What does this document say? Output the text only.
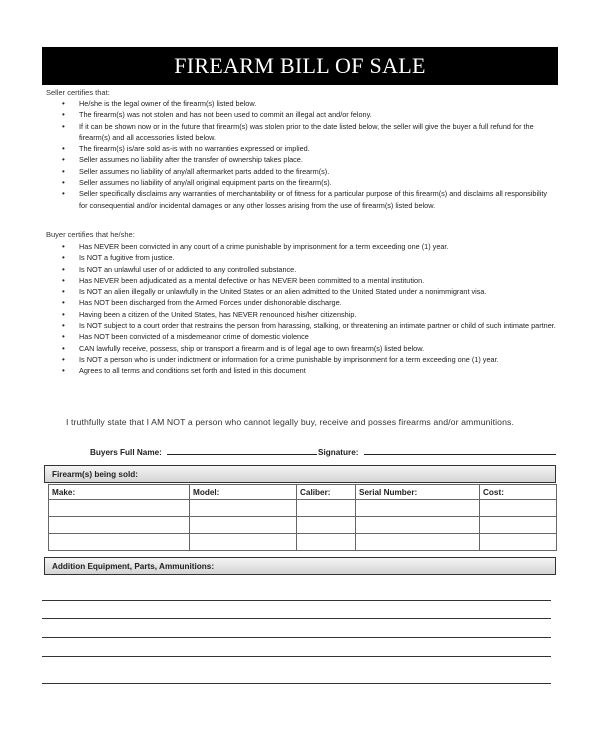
FIREARM BILL OF SALE
Seller certifies that:
• He/she is the legal owner of the firearm(s) listed below.
• The firearm(s) was not stolen and has not been used to commit an illegal act and/or felony.
• If it can be shown now or in the future that firearm(s) was stolen prior to the date listed below, the seller will give the buyer a full refund for the firearm(s) and all accessories listed below.
• The firearm(s) is/are sold as-is with no warranties expressed or implied.
• Seller assumes no liability after the transfer of ownership takes place.
• Seller assumes no liability of any/all aftermarket parts added to the firearm(s).
• Seller assumes no liability of any/all original equipment parts on the firearm(s).
• Seller specifically disclaims any warranties of merchantability or of fitness for a particular purpose of this firearm(s) and disclaims all responsibility for consequential and/or incidental damages or any other losses arising from the use of firearm(s) listed below.
Buyer certifies that he/she:
• Has NEVER been convicted in any court of a crime punishable by imprisonment for a term exceeding one (1) year.
• Is NOT a fugitive from justice.
• Is NOT an unlawful user of or addicted to any controlled substance.
• Has NEVER been adjudicated as a mental defective or has NEVER been committed to a mental institution.
• Is NOT an alien illegally or unlawfully in the United States or an alien admitted to the United Stated under a nonimmigrant visa.
• Has NOT been discharged from the Armed Forces under dishonorable discharge.
• Having been a citizen of the United States, has NEVER renounced his/her citizenship.
• Is NOT subject to a court order that restrains the person from harassing, stalking, or threatening an intimate partner or child of such intimate partner.
• Has NOT been convicted of a misdemeanor crime of domestic violence
• CAN lawfully receive, possess, ship or transport a firearm and is of legal age to own firearm(s) listed below.
• Is NOT a person who is under indictment or information for a crime punishable by imprisonment for a term exceeding one (1) year.
• Agrees to all terms and conditions set forth and listed in this document
I truthfully state that I AM NOT a person who cannot legally buy, receive and posses firearms and/or ammunitions.
Buyers Full Name:	Signature:
Firearm(s) being sold:
Make:	Model:	Caliber:	Serial Number:	Cost:

Addition Equipment, Parts, Ammunitions:
